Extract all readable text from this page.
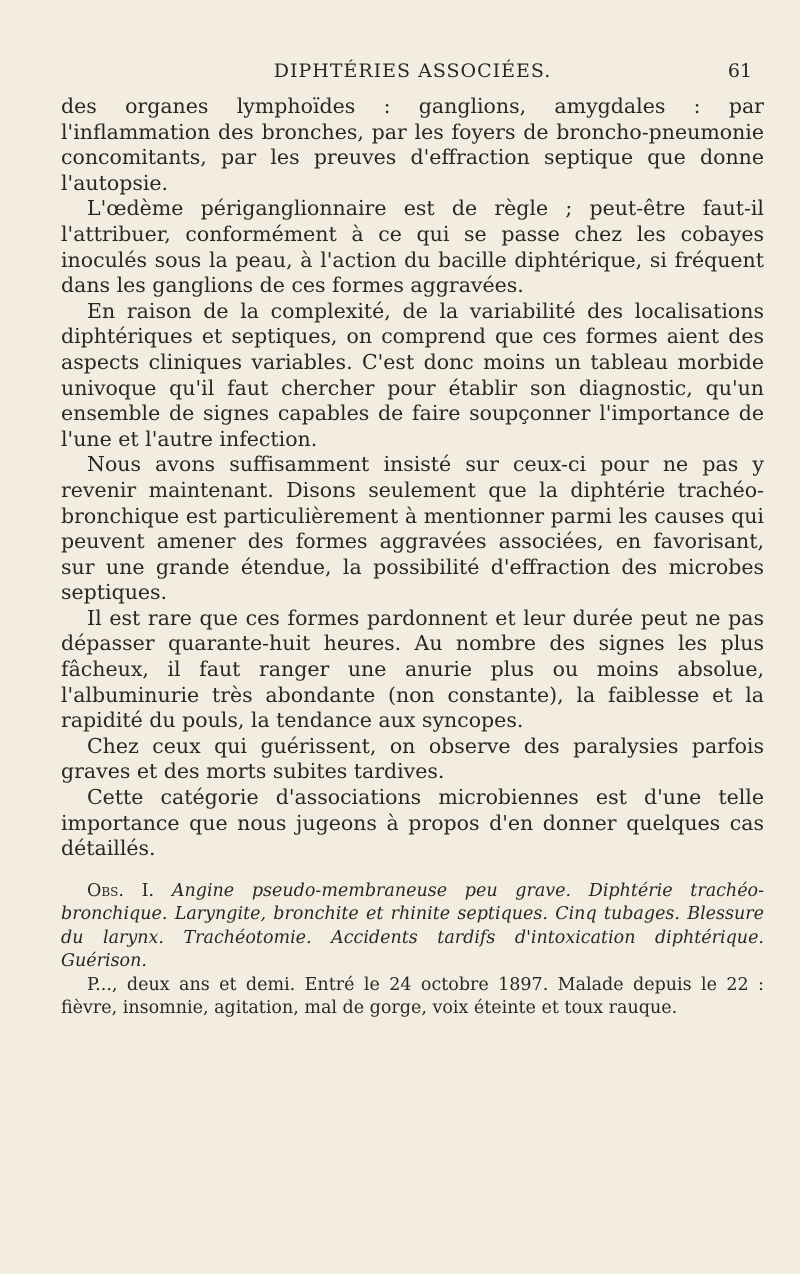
DIPHTÉRIES ASSOCIÉES.	61

des organes lymphoïdes : ganglions, amygdales : par l'inflammation des bronches, par les foyers de broncho-pneumonie concomitants, par les preuves d'effraction septique que donne l'autopsie.

L'œdème périganglionnaire est de règle ; peut-être faut-il l'attribuer, conformément à ce qui se passe chez les cobayes inoculés sous la peau, à l'action du bacille diphtérique, si fréquent dans les ganglions de ces formes aggravées.

En raison de la complexité, de la variabilité des localisations diphtériques et septiques, on comprend que ces formes aient des aspects cliniques variables. C'est donc moins un tableau morbide univoque qu'il faut chercher pour établir son diagnostic, qu'un ensemble de signes capables de faire soupçonner l'importance de l'une et l'autre infection.

Nous avons suffisamment insisté sur ceux-ci pour ne pas y revenir maintenant. Disons seulement que la diphtérie trachéo-bronchique est particulièrement à mentionner parmi les causes qui peuvent amener des formes aggravées associées, en favorisant, sur une grande étendue, la possibilité d'effraction des microbes septiques.

Il est rare que ces formes pardonnent et leur durée peut ne pas dépasser quarante-huit heures. Au nombre des signes les plus fâcheux, il faut ranger une anurie plus ou moins absolue, l'albuminurie très abondante (non constante), la faiblesse et la rapidité du pouls, la tendance aux syncopes.

Chez ceux qui guérissent, on observe des paralysies parfois graves et des morts subites tardives.

Cette catégorie d'associations microbiennes est d'une telle importance que nous jugeons à propos d'en donner quelques cas détaillés.

Obs. I. Angine pseudo-membraneuse peu grave. Diphtérie trachéo-bronchique. Laryngite, bronchite et rhinite septiques. Cinq tubages. Blessure du larynx. Trachéotomie. Accidents tardifs d'intoxication diphtérique. Guérison.

P..., deux ans et demi. Entré le 24 octobre 1897. Malade depuis le 22 : fièvre, insomnie, agitation, mal de gorge, voix éteinte et toux rauque.
